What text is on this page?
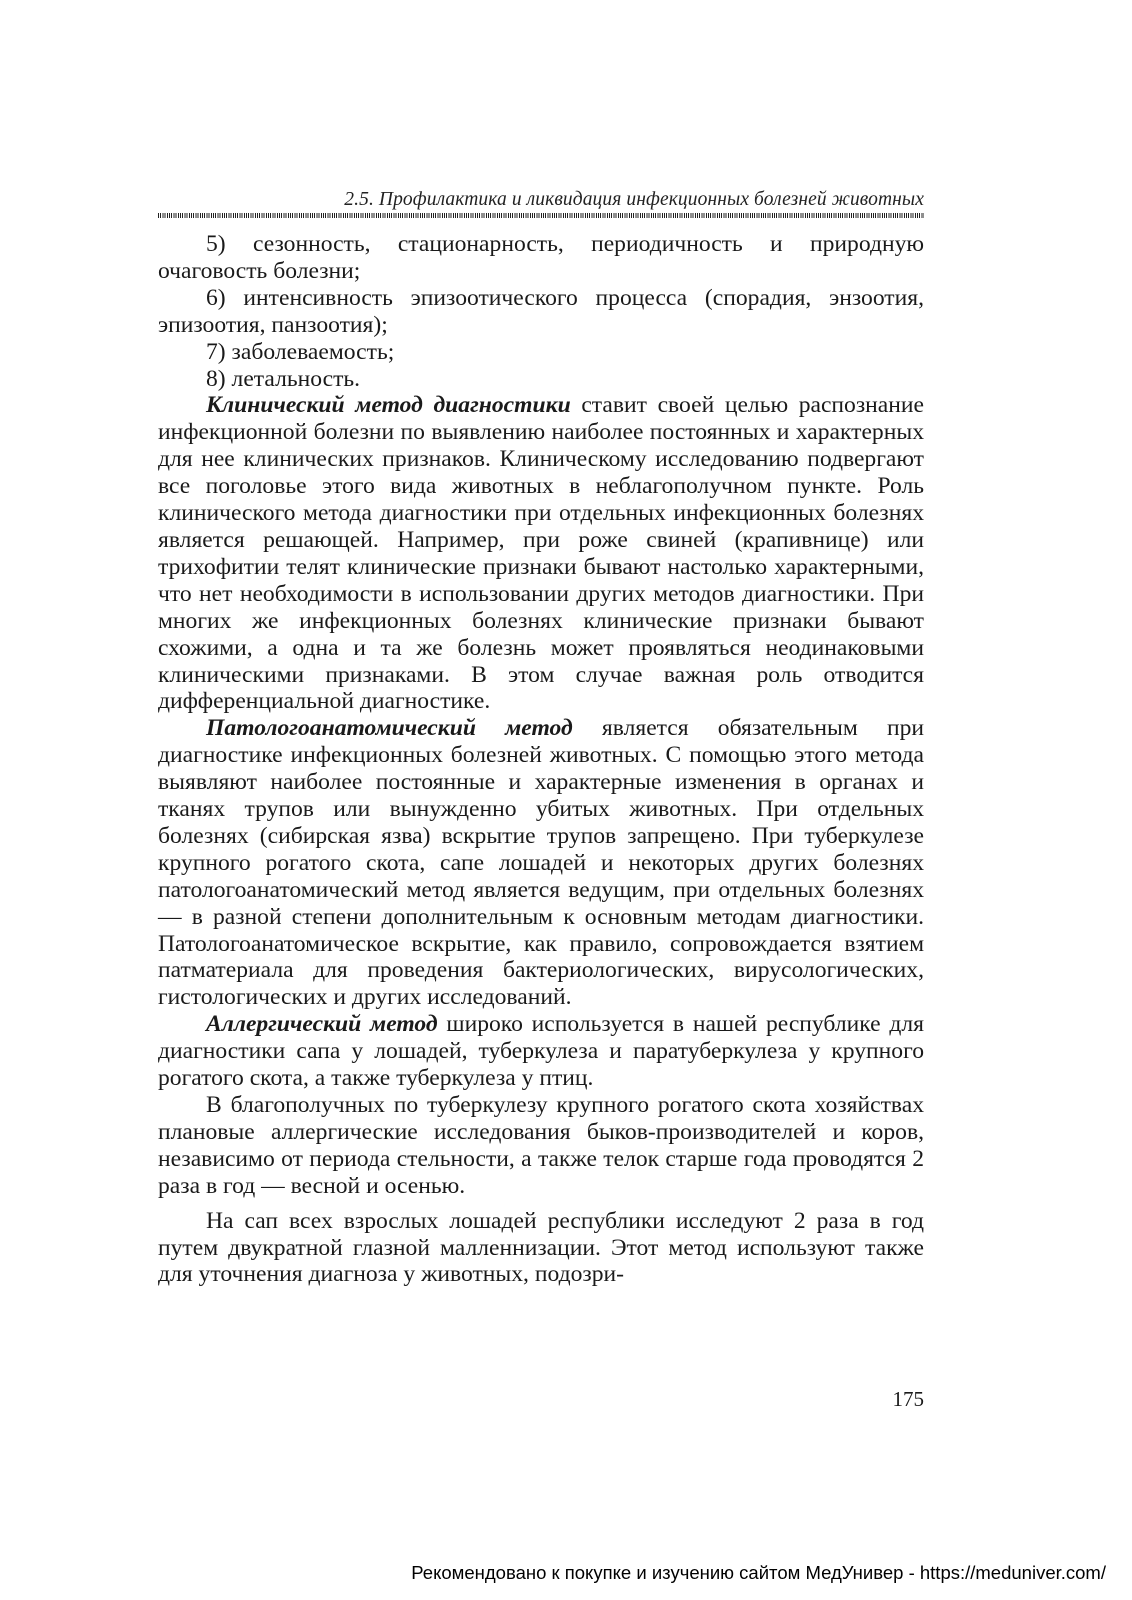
2.5. Профилактика и ликвидация инфекционных болезней животных

5) сезонность, стационарность, периодичность и природную очаговость болезни;

6) интенсивность эпизоотического процесса (спорадия, энзоотия, эпизоотия, панзоотия);

7) заболеваемость;

8) летальность.

Клинический метод диагностики ставит своей целью распознание инфекционной болезни по выявлению наиболее постоянных и характерных для нее клинических признаков. Клиническому исследованию подвергают все поголовье этого вида животных в неблагополучном пункте. Роль клинического метода диагностики при отдельных инфекционных болезнях является решающей. Например, при роже свиней (крапивнице) или трихофитии телят клинические признаки бывают настолько характерными, что нет необходимости в использовании других методов диагностики. При многих же инфекционных болезнях клинические признаки бывают схожими, а одна и та же болезнь может проявляться неодинаковыми клиническими признаками. В этом случае важная роль отводится дифференциальной диагностике.

Патологоанатомический метод является обязательным при диагностике инфекционных болезней животных. С помощью этого метода выявляют наиболее постоянные и характерные изменения в органах и тканях трупов или вынужденно убитых животных. При отдельных болезнях (сибирская язва) вскрытие трупов запрещено. При туберкулезе крупного рогатого скота, сапе лошадей и некоторых других болезнях патологоанатомический метод является ведущим, при отдельных болезнях — в разной степени дополнительным к основным методам диагностики. Патологоанатомическое вскрытие, как правило, сопровождается взятием патматериала для проведения бактериологических, вирусологических, гистологических и других исследований.

Аллергический метод широко используется в нашей республике для диагностики сапа у лошадей, туберкулеза и паратуберкулеза у крупного рогатого скота, а также туберкулеза у птиц.

В благополучных по туберкулезу крупного рогатого скота хозяйствах плановые аллергические исследования быков-производителей и коров, независимо от периода стельности, а также телок старше года проводятся 2 раза в год — весной и осенью.

На сап всех взрослых лошадей республики исследуют 2 раза в год путем двукратной глазной малленнизации. Этот метод используют также для уточнения диагноза у животных, подозри-

175
Рекомендовано к покупке и изучению сайтом МедУнивер - https://meduniver.com/
